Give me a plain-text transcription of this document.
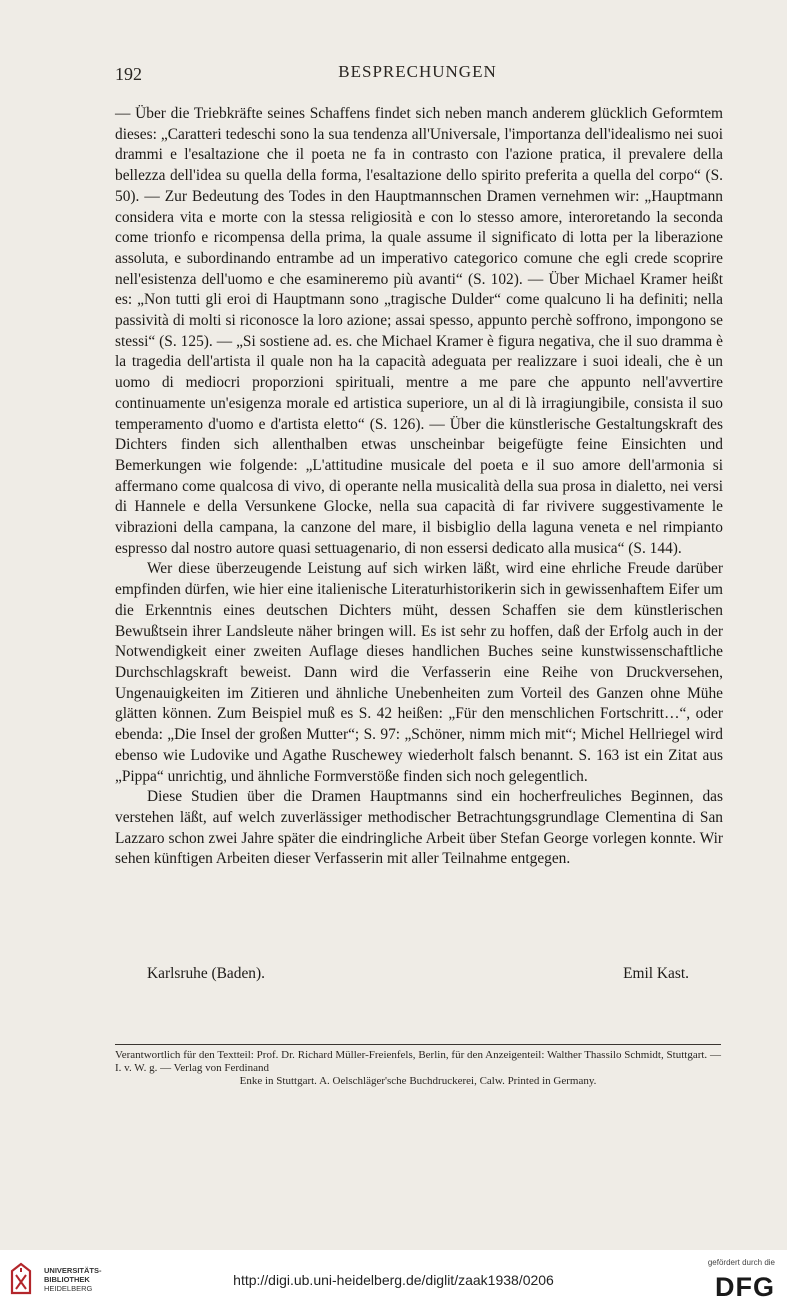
192	BESPRECHUNGEN

— Über die Triebkräfte seines Schaffens findet sich neben manch anderem glücklich Geformtem dieses: „Caratteri tedeschi sono la sua tendenza all'Universale, l'importanza dell'idealismo nei suoi drammi e l'esaltazione che il poeta ne fa in contrasto con l'azione pratica, il prevalere della bellezza dell'idea su quella della forma, l'esaltazione dello spirito preferita a quella del corpo“ (S. 50). — Zur Bedeutung des Todes in den Hauptmannschen Dramen vernehmen wir: „Hauptmann considera vita e morte con la stessa religiosità e con lo stesso amore, interoretando la seconda come trionfo e ricompensa della prima, la quale assume il significato di lotta per la liberazione assoluta, e subordinando entrambe ad un imperativo categorico comune che egli crede scoprire nell'esistenza dell'uomo e che esamineremo più avanti“ (S. 102). — Über Michael Kramer heißt es: „Non tutti gli eroi di Hauptmann sono „tragische Dulder“ come qualcuno li ha definiti; nella passività di molti si riconosce la loro azione; assai spesso, appunto perchè soffrono, impongono se stessi“ (S. 125). — „Si sostiene ad. es. che Michael Kramer è figura negativa, che il suo dramma è la tragedia dell'artista il quale non ha la capacità adeguata per realizzare i suoi ideali, che è un uomo di mediocri proporzioni spirituali, mentre a me pare che appunto nell'avvertire continuamente un'esigenza morale ed artistica superiore, un al di là irragiungibile, consista il suo temperamento d'uomo e d'artista eletto“ (S. 126). — Über die künstlerische Gestaltungskraft des Dichters finden sich allenthalben etwas unscheinbar beigefügte feine Einsichten und Bemerkungen wie folgende: „L'attitudine musicale del poeta e il suo amore dell'armonia si affermano come qualcosa di vivo, di operante nella musicalità della sua prosa in dialetto, nei versi di Hannele e della Versunkene Glocke, nella sua capacità di far rivivere suggestivamente le vibrazioni della campana, la canzone del mare, il bisbiglio della laguna veneta e nel rimpianto espresso dal nostro autore quasi settuagenario, di non essersi dedicato alla musica“ (S. 144).

Wer diese überzeugende Leistung auf sich wirken läßt, wird eine ehrliche Freude darüber empfinden dürfen, wie hier eine italienische Literaturhistorikerin sich in gewissenhaftem Eifer um die Erkenntnis eines deutschen Dichters müht, dessen Schaffen sie dem künstlerischen Bewußtsein ihrer Landsleute näher bringen will. Es ist sehr zu hoffen, daß der Erfolg auch in der Notwendigkeit einer zweiten Auflage dieses handlichen Buches seine kunstwissenschaftliche Durchschlagskraft beweist. Dann wird die Verfasserin eine Reihe von Druckversehen, Ungenauigkeiten im Zitieren und ähnliche Unebenheiten zum Vorteil des Ganzen ohne Mühe glätten können. Zum Beispiel muß es S. 42 heißen: „Für den menschlichen Fortschritt…“, oder ebenda: „Die Insel der großen Mutter“; S. 97: „Schöner, nimm mich mit“; Michel Hellriegel wird ebenso wie Ludovike und Agathe Ruschewey wiederholt falsch benannt. S. 163 ist ein Zitat aus „Pippa“ unrichtig, und ähnliche Formverstöße finden sich noch gelegentlich.

Diese Studien über die Dramen Hauptmanns sind ein hocherfreuliches Beginnen, das verstehen läßt, auf welch zuverlässiger methodischer Betrachtungsgrundlage Clementina di San Lazzaro schon zwei Jahre später die eindringliche Arbeit über Stefan George vorlegen konnte. Wir sehen künftigen Arbeiten dieser Verfasserin mit aller Teilnahme entgegen.

Karlsruhe (Baden).	Emil Kast.

Verantwortlich für den Textteil: Prof. Dr. Richard Müller-Freienfels, Berlin, für den Anzeigenteil: Walther Thassilo Schmidt, Stuttgart. — I. v. W. g. — Verlag von Ferdinand

Enke in Stuttgart. A. Oelschläger'sche Buchdruckerei, Calw. Printed in Germany.

UNIVERSITÄTS-
BIBLIOTHEK
HEIDELBERG
http://digi.ub.uni-heidelberg.de/diglit/zaak1938/0206
gefördert durch die
DFG
